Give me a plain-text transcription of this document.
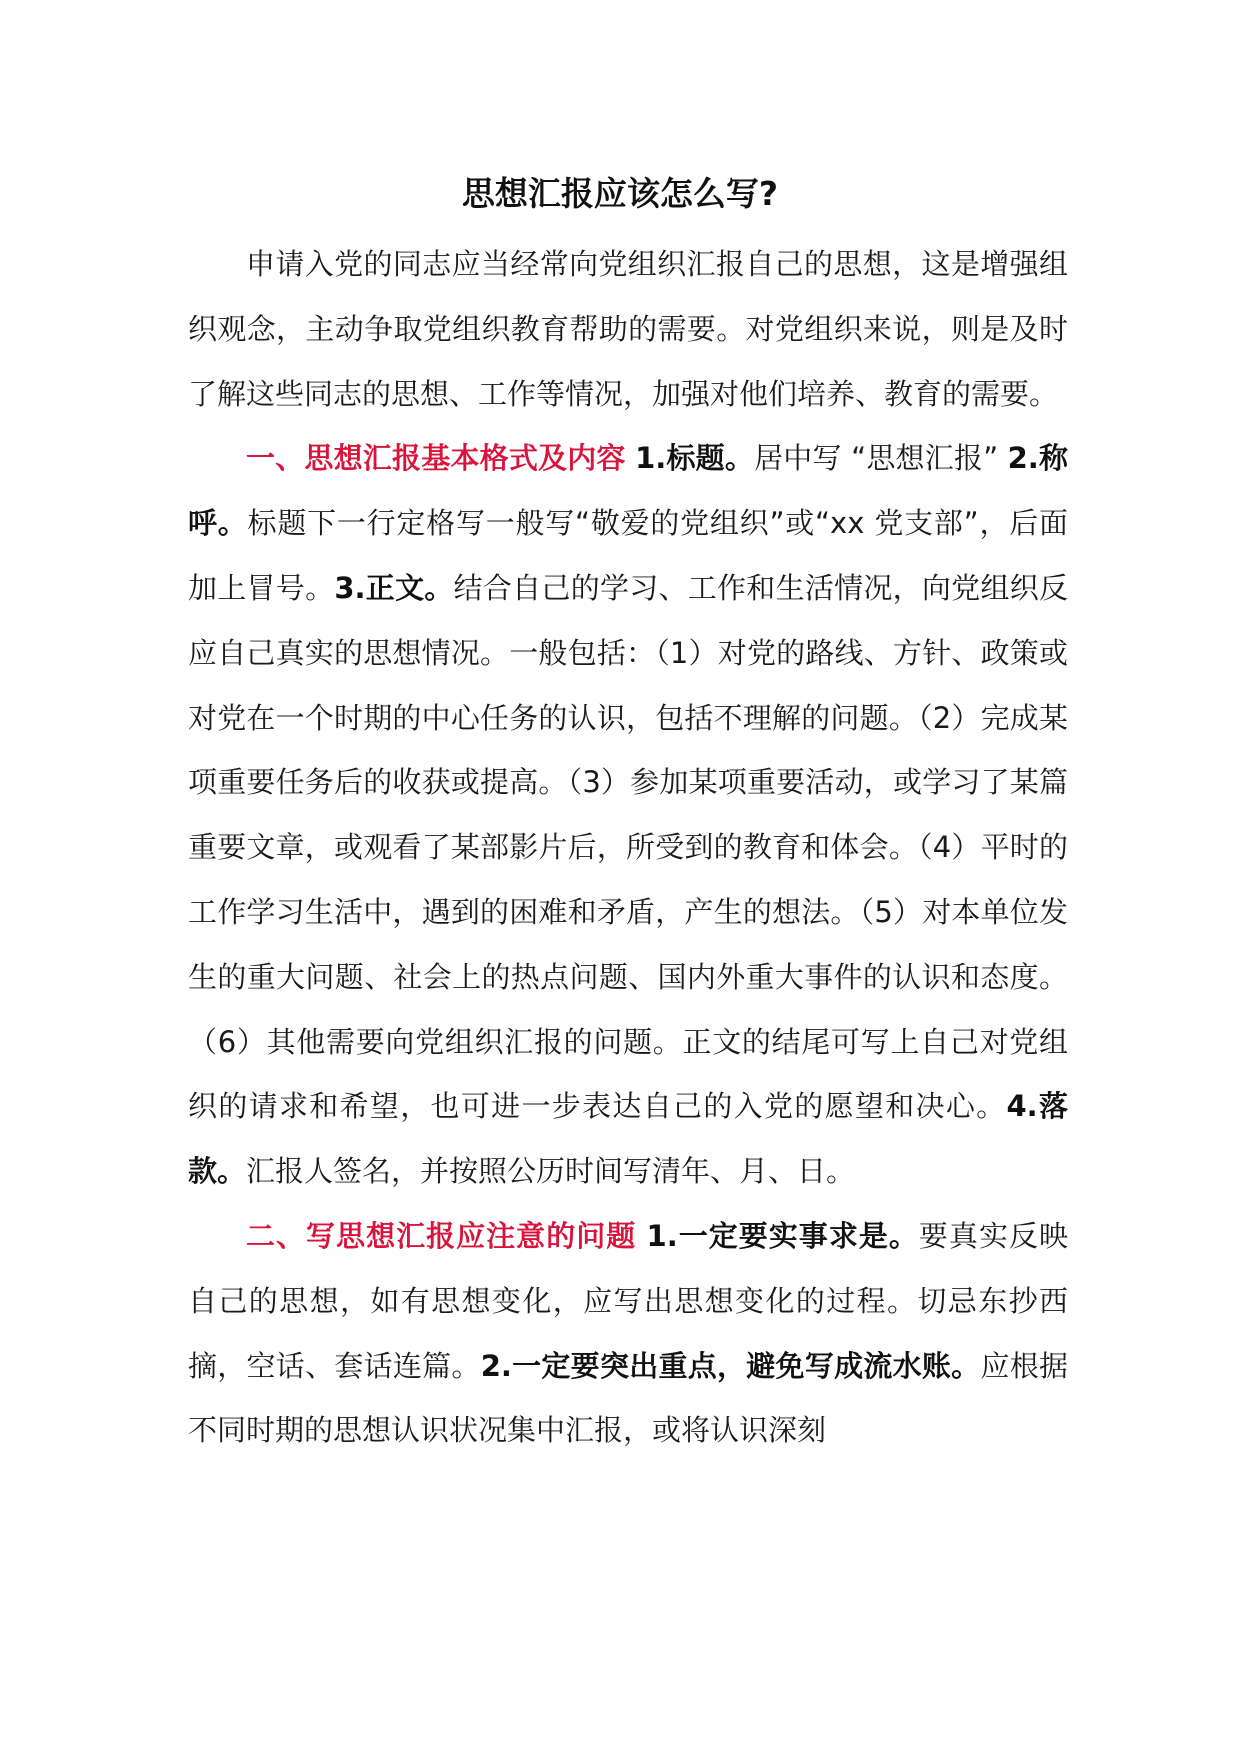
思想汇报应该怎么写?

申请入党的同志应当经常向党组织汇报自己的思想，这是增强组织观念，主动争取党组织教育帮助的需要。对党组织来说，则是及时了解这些同志的思想、工作等情况，加强对他们培养、教育的需要。

一、思想汇报基本格式及内容 1.标题。居中写 “思想汇报” 2.称呼。标题下一行定格写一般写“敬爱的党组织”或“xx 党支部”，后面加上冒号。3.正文。结合自己的学习、工作和生活情况，向党组织反应自己真实的思想情况。一般包括：（1）对党的路线、方针、政策或对党在一个时期的中心任务的认识，包括不理解的问题。（2）完成某项重要任务后的收获或提高。（3）参加某项重要活动，或学习了某篇重要文章，或观看了某部影片后，所受到的教育和体会。（4）平时的工作学习生活中，遇到的困难和矛盾，产生的想法。（5）对本单位发生的重大问题、社会上的热点问题、国内外重大事件的认识和态度。（6）其他需要向党组织汇报的问题。正文的结尾可写上自己对党组织的请求和希望，也可进一步表达自己的入党的愿望和决心。4.落款。汇报人签名，并按照公历时间写清年、月、日。

二、写思想汇报应注意的问题 1.一定要实事求是。要真实反映自己的思想，如有思想变化，应写出思想变化的过程。切忌东抄西摘，空话、套话连篇。2.一定要突出重点，避免写成流水账。应根据不同时期的思想认识状况集中汇报，或将认识深刻
